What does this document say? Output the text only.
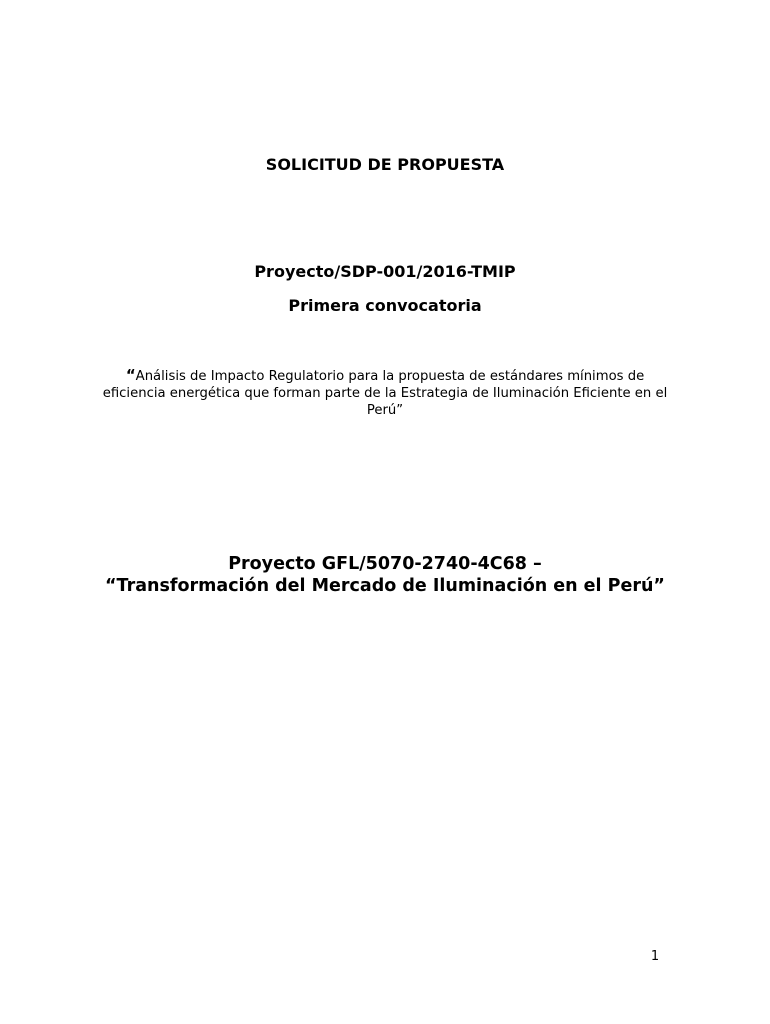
SOLICITUD DE PROPUESTA
Proyecto/SDP-001/2016-TMIP
Primera convocatoria
“Análisis de Impacto Regulatorio para la propuesta de estándares mínimos de eficiencia energética que forman parte de la Estrategia de Iluminación Eficiente en el Perú”
Proyecto GFL/5070-2740-4C68 –
“Transformación del Mercado de Iluminación en el Perú”
1
